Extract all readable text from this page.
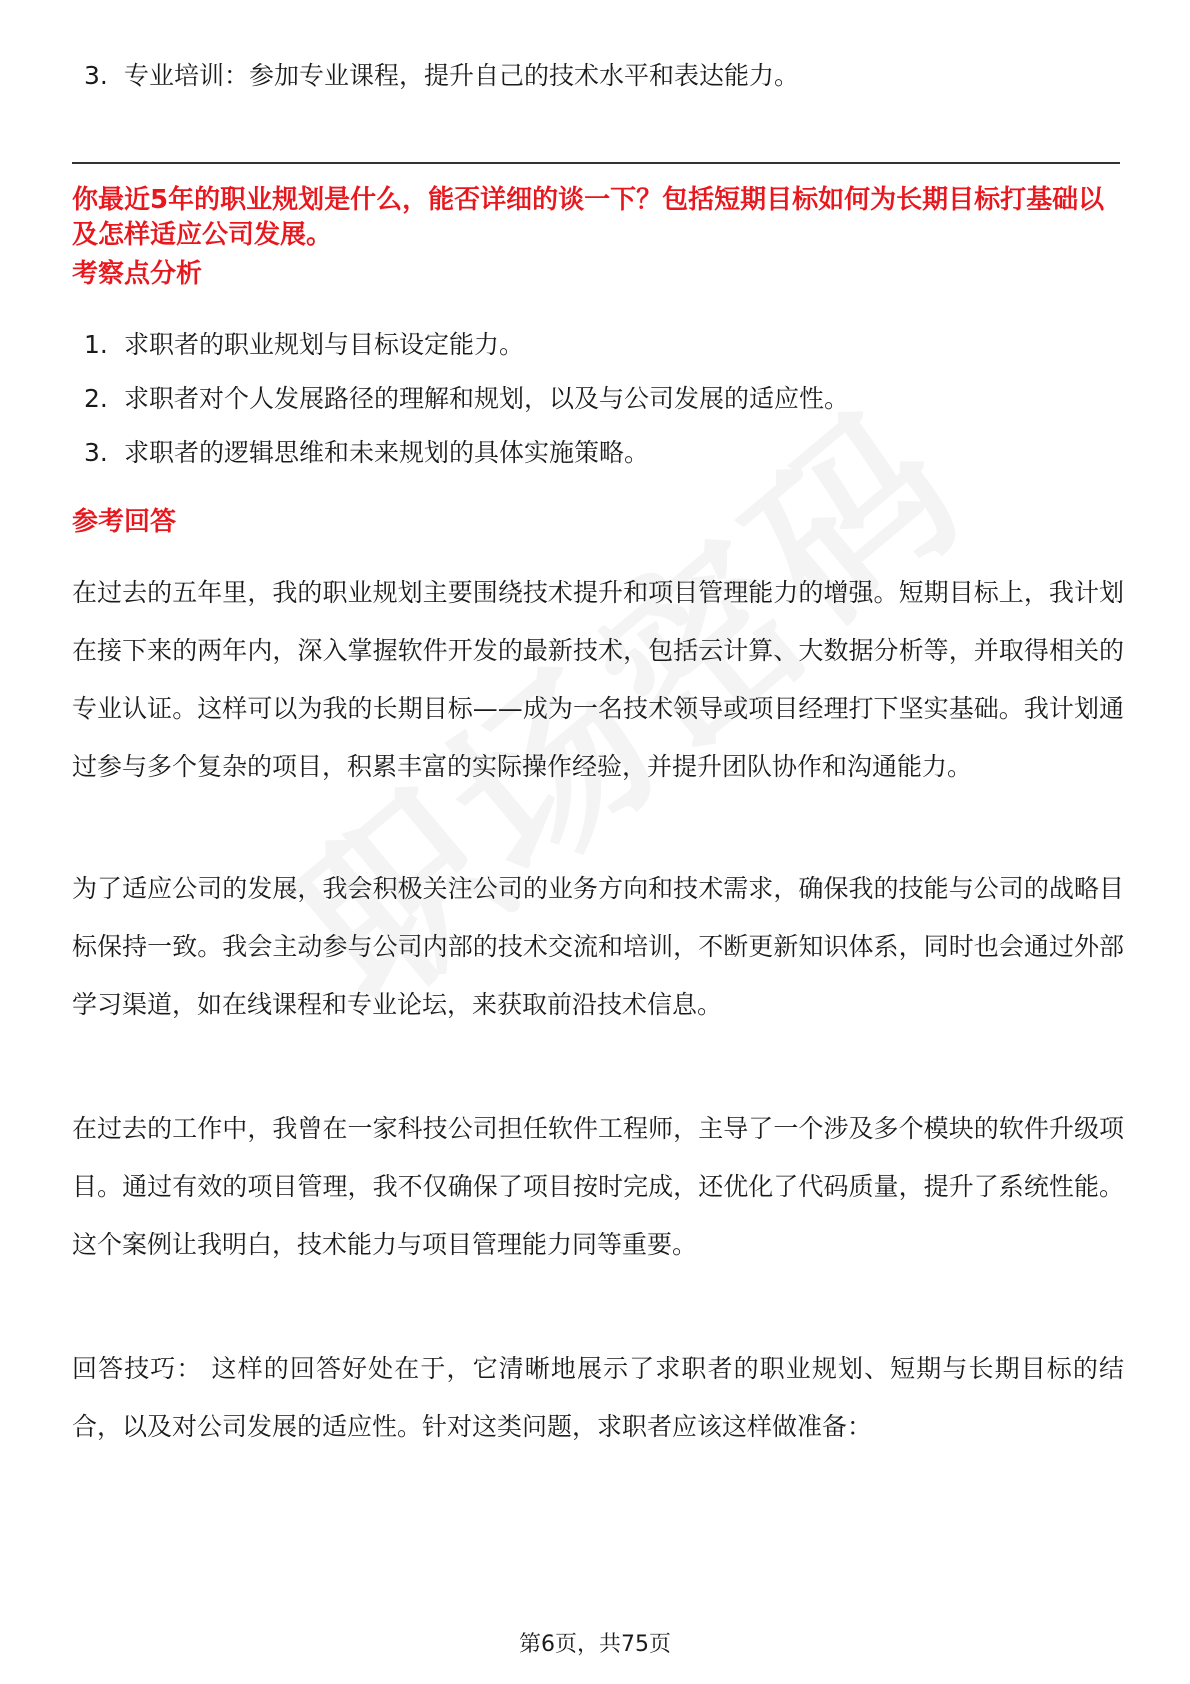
3. 专业培训：参加专业课程，提升自己的技术水平和表达能力。
你最近5年的职业规划是什么，能否详细的谈一下？包括短期目标如何为长期目标打基础以及怎样适应公司发展。
考察点分析
1. 求职者的职业规划与目标设定能力。
2. 求职者对个人发展路径的理解和规划，以及与公司发展的适应性。
3. 求职者的逻辑思维和未来规划的具体实施策略。
参考回答
在过去的五年里，我的职业规划主要围绕技术提升和项目管理能力的增强。短期目标上，我计划在接下来的两年内，深入掌握软件开发的最新技术，包括云计算、大数据分析等，并取得相关的专业认证。这样可以为我的长期目标——成为一名技术领导或项目经理打下坚实基础。我计划通过参与多个复杂的项目，积累丰富的实际操作经验，并提升团队协作和沟通能力。
为了适应公司的发展，我会积极关注公司的业务方向和技术需求，确保我的技能与公司的战略目标保持一致。我会主动参与公司内部的技术交流和培训，不断更新知识体系，同时也会通过外部学习渠道，如在线课程和专业论坛，来获取前沿技术信息。
在过去的工作中，我曾在一家科技公司担任软件工程师，主导了一个涉及多个模块的软件升级项目。通过有效的项目管理，我不仅确保了项目按时完成，还优化了代码质量，提升了系统性能。这个案例让我明白，技术能力与项目管理能力同等重要。
回答技巧： 这样的回答好处在于，它清晰地展示了求职者的职业规划、短期与长期目标的结合，以及对公司发展的适应性。针对这类问题，求职者应该这样做准备：
第6页，共75页
